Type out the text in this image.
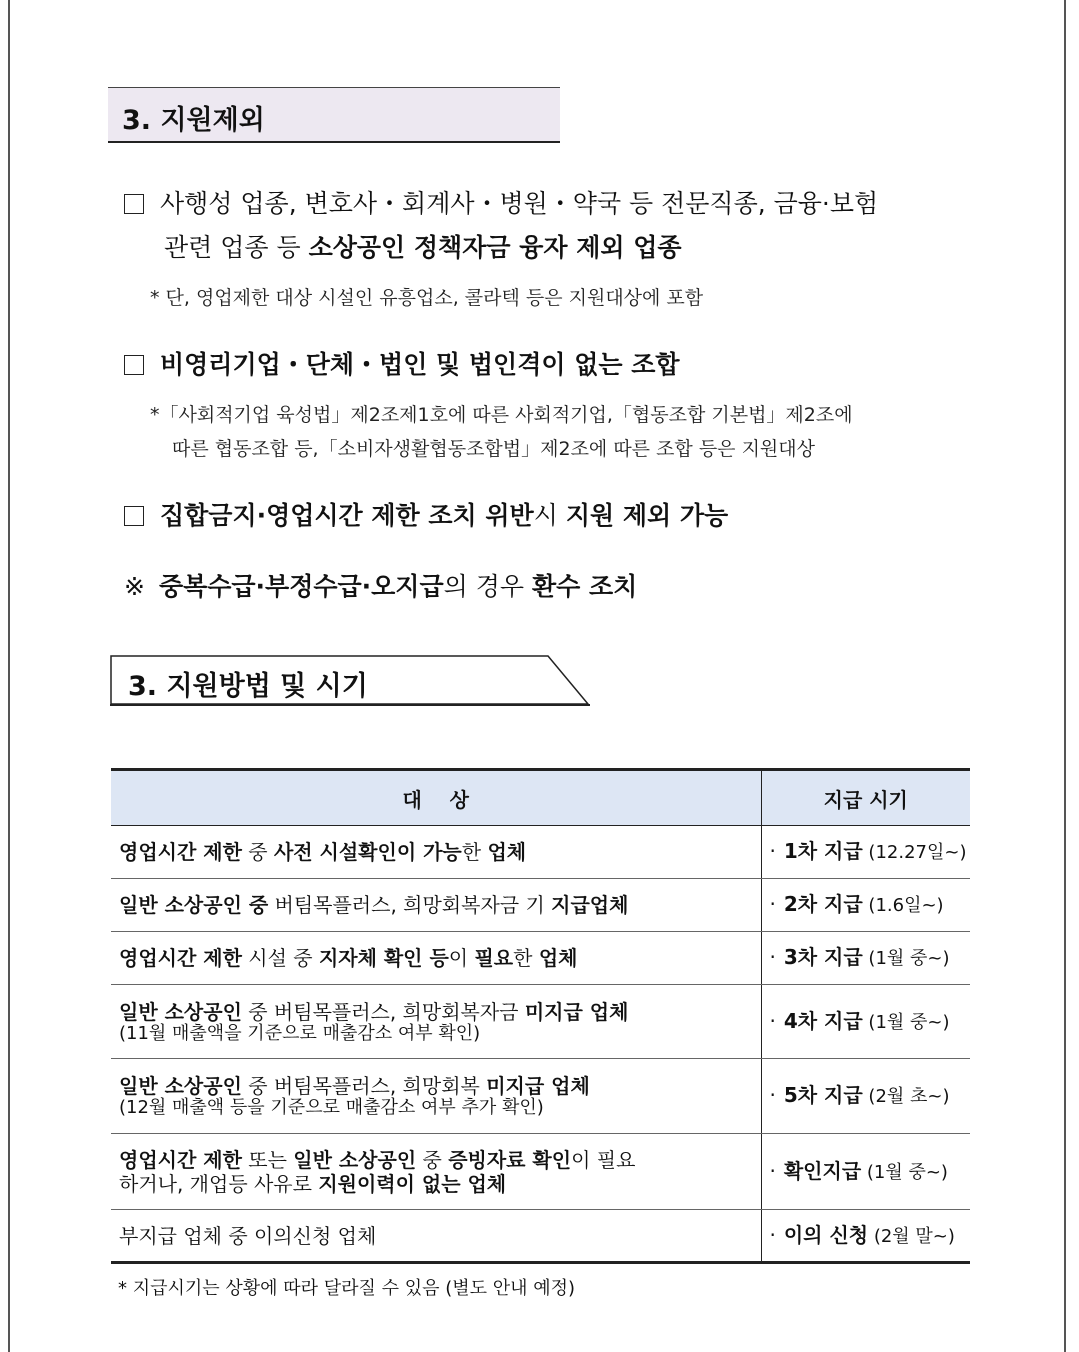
3. 지원제외
사행성 업종, 변호사・회계사・병원・약국 등 전문직종, 금융·보험
관련 업종 등 소상공인 정책자금 융자 제외 업종
* 단, 영업제한 대상 시설인 유흥업소, 콜라텍 등은 지원대상에 포함
비영리기업・단체・법인 및 법인격이 없는 조합
*「사회적기업 육성법」제2조제1호에 따른 사회적기업,「협동조합 기본법」제2조에
따른 협동조합 등,「소비자생활협동조합법」제2조에 따른 조합 등은 지원대상
집합금지·영업시간 제한 조치 위반시 지원 제외 가능
※ 중복수급·부정수급·오지급의 경우 환수 조치
3. 지원방법 및 시기
대    상	지급 시기

영업시간 제한 중 사전 시설확인이 가능한 업체	· 1차 지급 (12.27일~)

일반 소상공인 중 버팀목플러스, 희망회복자금 기 지급업체	· 2차 지급 (1.6일~)

영업시간 제한 시설 중 지자체 확인 등이 필요한 업체	· 3차 지급 (1월 중~)

일반 소상공인 중 버팀목플러스, 희망회복자금 미지급 업체
(11월 매출액을 기준으로 매출감소 여부 확인)	· 4차 지급 (1월 중~)

일반 소상공인 중 버팀목플러스, 희망회복 미지급 업체
(12월 매출액 등을 기준으로 매출감소 여부 추가 확인)	· 5차 지급 (2월 초~)

영업시간 제한 또는 일반 소상공인 중 증빙자료 확인이 필요
하거나, 개업등 사유로 지원이력이 없는 업체	· 확인지급 (1월 중~)

부지급 업체 중 이의신청 업체	· 이의 신청 (2월 말~)
* 지급시기는 상황에 따라 달라질 수 있음 (별도 안내 예정)
